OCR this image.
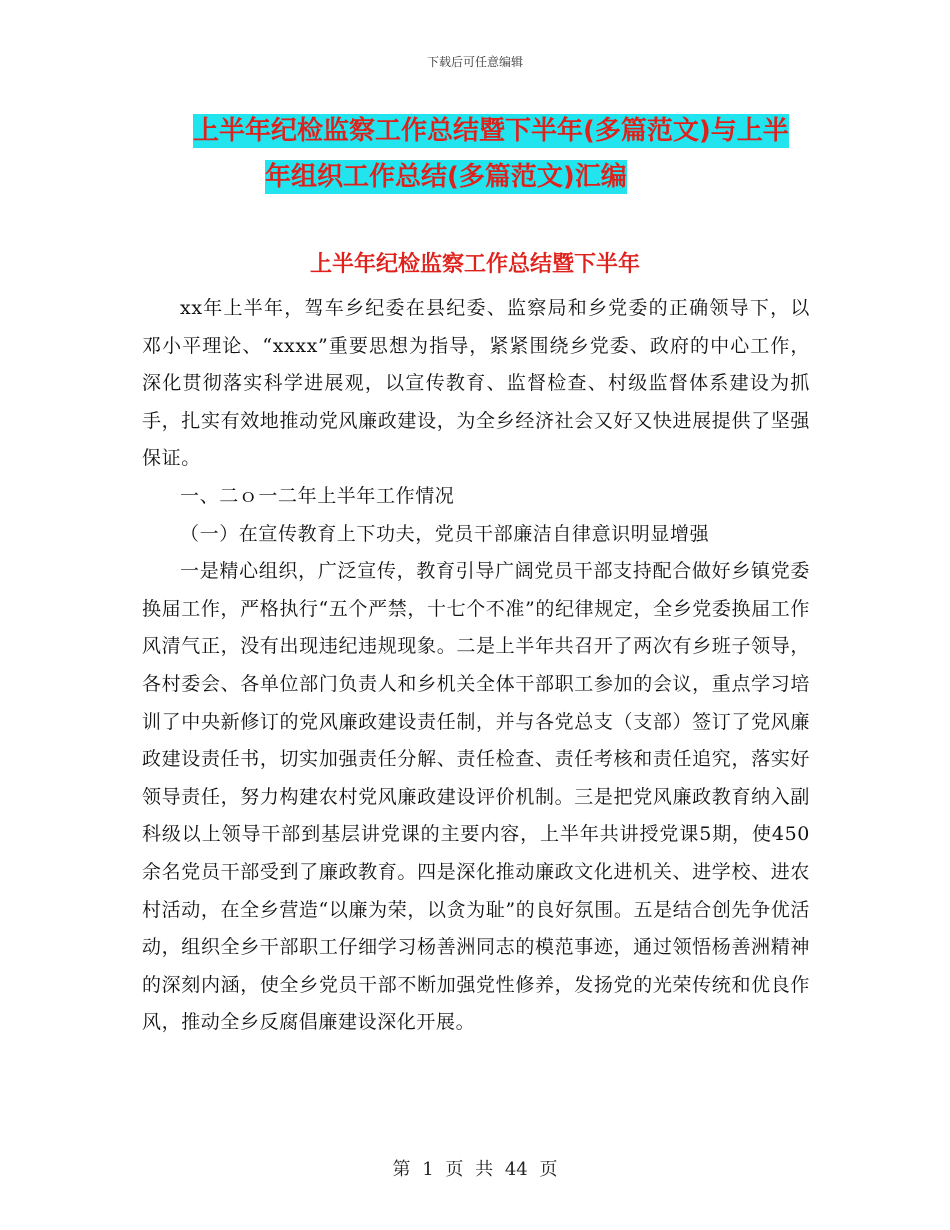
下载后可任意编辑
上半年纪检监察工作总结暨下半年(多篇范文)与上半
年组织工作总结(多篇范文)汇编
上半年纪检监察工作总结暨下半年

xx年上半年，驾车乡纪委在县纪委、监察局和乡党委的正确领导下，以邓小平理论、“xxxx”重要思想为指导，紧紧围绕乡党委、政府的中心工作，深化贯彻落实科学进展观，以宣传教育、监督检查、村级监督体系建设为抓手，扎实有效地推动党风廉政建设，为全乡经济社会又好又快进展提供了坚强保证。

一、二ｏ一二年上半年工作情况

（一）在宣传教育上下功夫，党员干部廉洁自律意识明显增强

一是精心组织，广泛宣传，教育引导广阔党员干部支持配合做好乡镇党委换届工作，严格执行“五个严禁，十七个不准”的纪律规定，全乡党委换届工作风清气正，没有出现违纪违规现象。二是上半年共召开了两次有乡班子领导，各村委会、各单位部门负责人和乡机关全体干部职工参加的会议，重点学习培训了中央新修订的党风廉政建设责任制，并与各党总支（支部）签订了党风廉政建设责任书，切实加强责任分解、责任检查、责任考核和责任追究，落实好领导责任，努力构建农村党风廉政建设评价机制。三是把党风廉政教育纳入副科级以上领导干部到基层讲党课的主要内容，上半年共讲授党课5期，使450余名党员干部受到了廉政教育。四是深化推动廉政文化进机关、进学校、进农村活动，在全乡营造“以廉为荣，以贪为耻”的良好氛围。五是结合创先争优活动，组织全乡干部职工仔细学习杨善洲同志的模范事迹，通过领悟杨善洲精神的深刻内涵，使全乡党员干部不断加强党性修养，发扬党的光荣传统和优良作风，推动全乡反腐倡廉建设深化开展。

第 1 页 共 44 页
